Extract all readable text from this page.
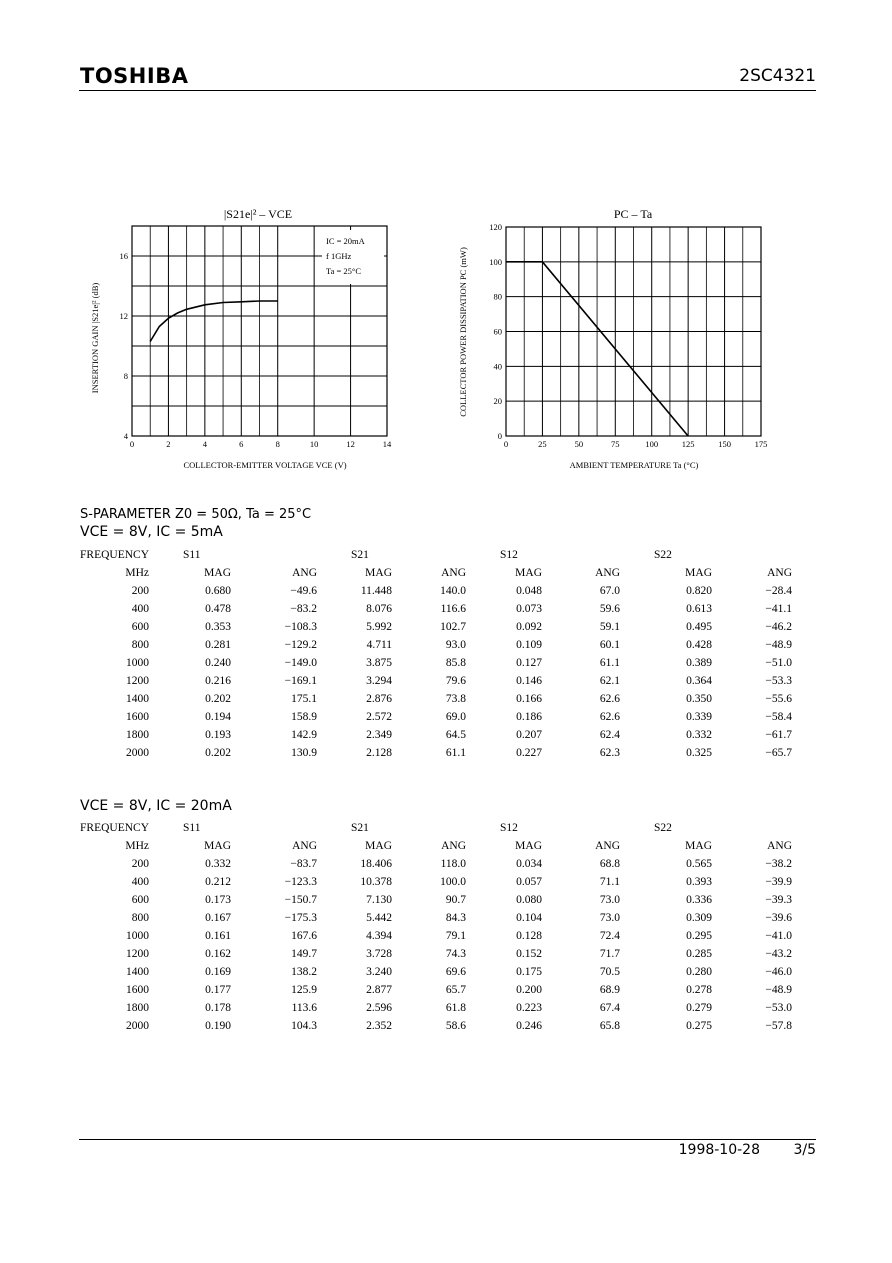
TOSHIBA	2SC4321
|S21e|² – VCE
0	2	4	6	8	10	12	14
4
8
12
16
COLLECTOR-EMITTER VOLTAGE VCE (V)
INSERTION GAIN |S21e|² (dB)
IC = 20mA
f 1GHz
Ta = 25°C
PC – Ta
0	25	50	75	100	125	150	175
0
20
40
60
80
100
120
AMBIENT TEMPERATURE Ta (°C)
COLLECTOR POWER DISSIPATION PC (mW)
S-PARAMETER Z0 = 50Ω, Ta = 25°C
VCE = 8V, IC = 5mA
FREQUENCY	S11		S21		S12		S22	
MHz	MAG	ANG	MAG	ANG	MAG	ANG	MAG	ANG
200	0.680	−49.6	11.448	140.0	0.048	67.0	0.820	−28.4
400	0.478	−83.2	8.076	116.6	0.073	59.6	0.613	−41.1
600	0.353	−108.3	5.992	102.7	0.092	59.1	0.495	−46.2
800	0.281	−129.2	4.711	93.0	0.109	60.1	0.428	−48.9
1000	0.240	−149.0	3.875	85.8	0.127	61.1	0.389	−51.0
1200	0.216	−169.1	3.294	79.6	0.146	62.1	0.364	−53.3
1400	0.202	175.1	2.876	73.8	0.166	62.6	0.350	−55.6
1600	0.194	158.9	2.572	69.0	0.186	62.6	0.339	−58.4
1800	0.193	142.9	2.349	64.5	0.207	62.4	0.332	−61.7
2000	0.202	130.9	2.128	61.1	0.227	62.3	0.325	−65.7
VCE = 8V, IC = 20mA
FREQUENCY	S11		S21		S12		S22	
MHz	MAG	ANG	MAG	ANG	MAG	ANG	MAG	ANG
200	0.332	−83.7	18.406	118.0	0.034	68.8	0.565	−38.2
400	0.212	−123.3	10.378	100.0	0.057	71.1	0.393	−39.9
600	0.173	−150.7	7.130	90.7	0.080	73.0	0.336	−39.3
800	0.167	−175.3	5.442	84.3	0.104	73.0	0.309	−39.6
1000	0.161	167.6	4.394	79.1	0.128	72.4	0.295	−41.0
1200	0.162	149.7	3.728	74.3	0.152	71.7	0.285	−43.2
1400	0.169	138.2	3.240	69.6	0.175	70.5	0.280	−46.0
1600	0.177	125.9	2.877	65.7	0.200	68.9	0.278	−48.9
1800	0.178	113.6	2.596	61.8	0.223	67.4	0.279	−53.0
2000	0.190	104.3	2.352	58.6	0.246	65.8	0.275	−57.8
1998-10-28 3/5
